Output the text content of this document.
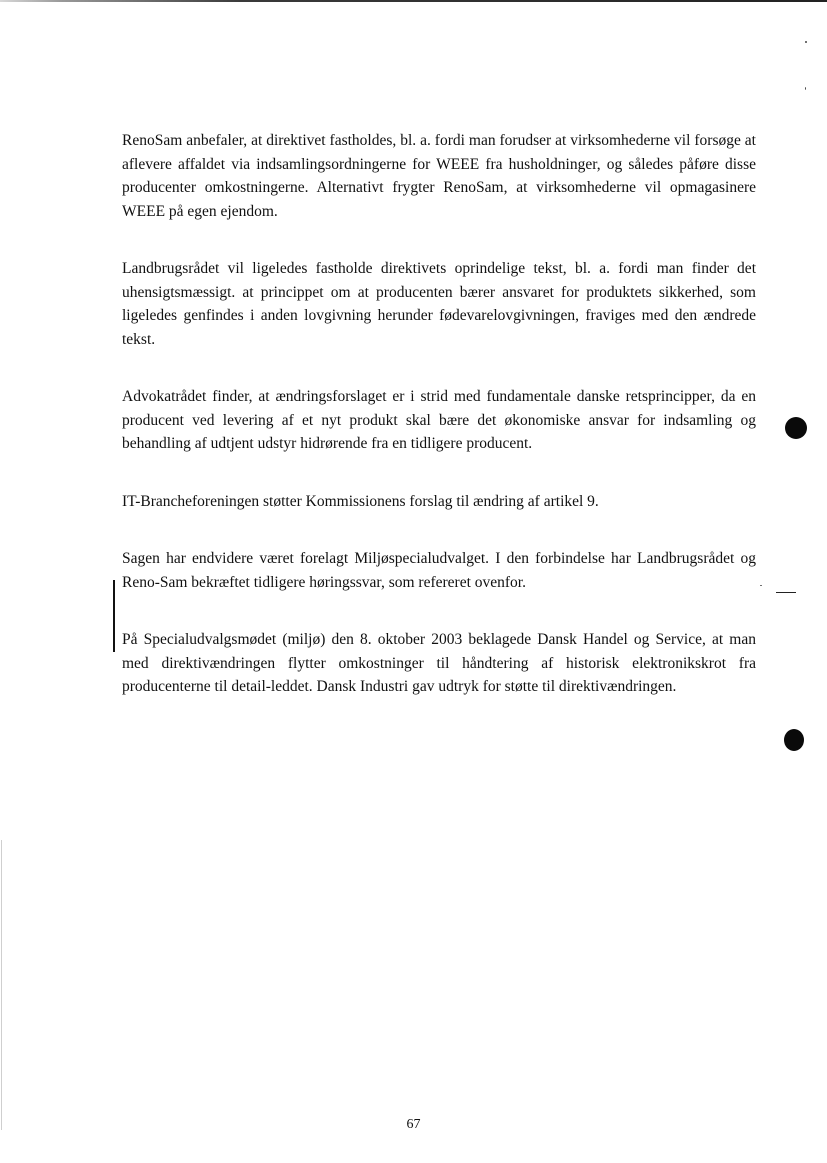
RenoSam anbefaler, at direktivet fastholdes, bl. a. fordi man forudser at virksomhederne vil forsøge at aflevere affaldet via indsamlingsordningerne for WEEE fra husholdninger, og således påføre disse producenter omkostningerne. Alternativt frygter RenoSam, at virksomhederne vil opmagasinere WEEE på egen ejendom.

Landbrugsrådet vil ligeledes fastholde direktivets oprindelige tekst, bl. a. fordi man finder det uhensigtsmæssigt. at princippet om at producenten bærer ansvaret for produktets sikkerhed, som ligeledes genfindes i anden lovgivning herunder fødevarelovgivningen, fraviges med den ændrede tekst.

Advokatrådet finder, at ændringsforslaget er i strid med fundamentale danske retsprincipper, da en producent ved levering af et nyt produkt skal bære det økonomiske ansvar for indsamling og behandling af udtjent udstyr hidrørende fra en tidligere producent.

IT-Brancheforeningen støtter Kommissionens forslag til ændring af artikel 9.

Sagen har endvidere været forelagt Miljøspecialudvalget. I den forbindelse har Landbrugsrådet og Reno-Sam bekræftet tidligere høringssvar, som refereret ovenfor.

På Specialudvalgsmødet (miljø) den 8. oktober 2003 beklagede Dansk Handel og Service, at man med direktivændringen flytter omkostninger til håndtering af historisk elektronikskrot fra producenterne til detail-leddet. Dansk Industri gav udtryk for støtte til direktivændringen.

67
